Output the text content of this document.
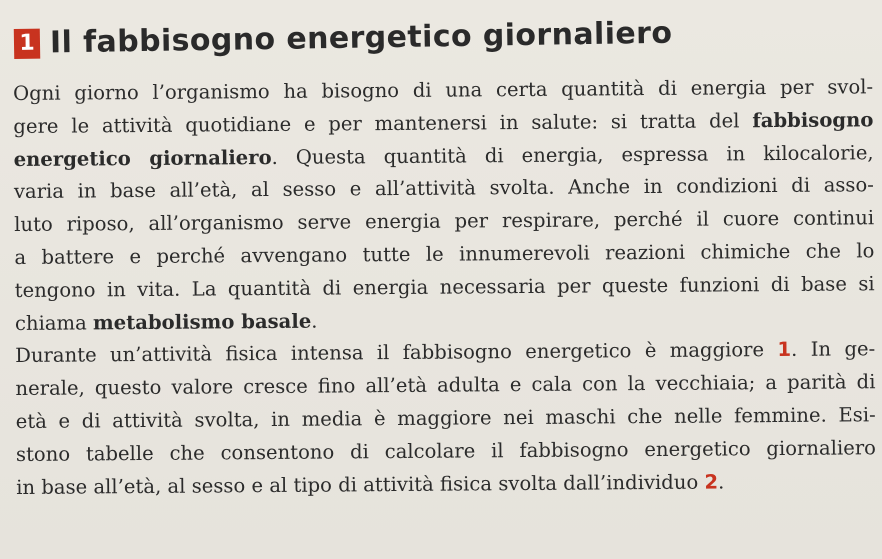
1 Il fabbisogno energetico giornaliero
Ogni giorno l’organismo ha bisogno di una certa quantità di energia per svol-
gere le attività quotidiane e per mantenersi in salute: si tratta del fabbisogno
energetico giornaliero. Questa quantità di energia, espressa in kilocalorie,
varia in base all’età, al sesso e all’attività svolta. Anche in condizioni di asso-
luto riposo, all’organismo serve energia per respirare, perché il cuore continui
a battere e perché avvengano tutte le innumerevoli reazioni chimiche che lo
tengono in vita. La quantità di energia necessaria per queste funzioni di base si
chiama metabolismo basale.
Durante un’attività fisica intensa il fabbisogno energetico è maggiore 1. In ge-
nerale, questo valore cresce fino all’età adulta e cala con la vecchiaia; a parità di
età e di attività svolta, in media è maggiore nei maschi che nelle femmine. Esi-
stono tabelle che consentono di calcolare il fabbisogno energetico giornaliero
in base all’età, al sesso e al tipo di attività fisica svolta dall’individuo 2.
